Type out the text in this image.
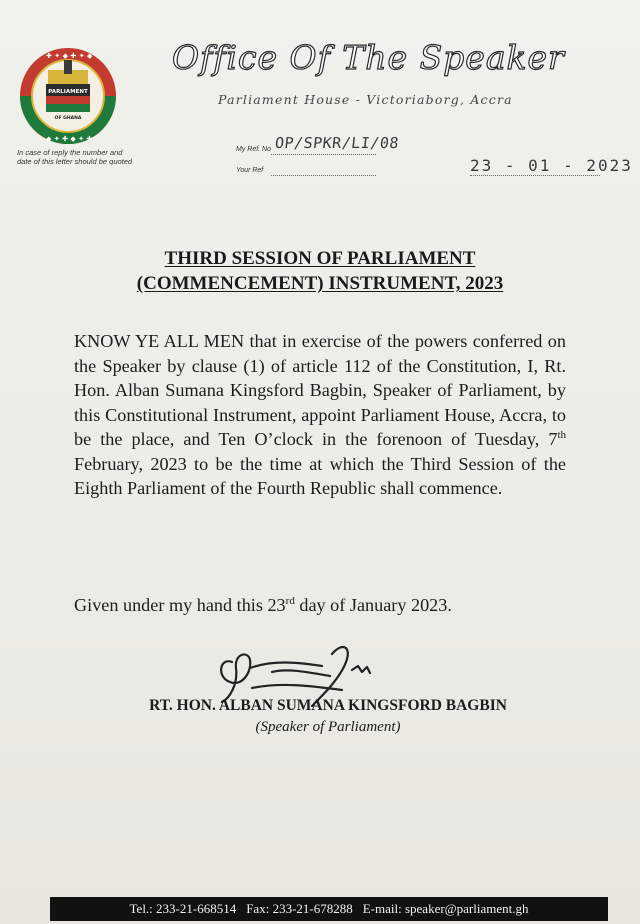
✚ ✦ ◆ ✚ ✦ ◆
◆ ✦ ✚ ◆ ✦ ✚
PARLIAMENT
OF GHANA
In case of reply the number and date of this letter should be quoted
Office Of The Speaker
Parliament House - Victoriaborg, Accra
My Ref. No OP/SPKR/LI/08
Your Ref	23 - 01 - 2023
THIRD SESSION OF PARLIAMENT
(COMMENCEMENT) INSTRUMENT, 2023
KNOW YE ALL MEN that in exercise of the powers conferred on the Speaker by clause (1) of article 112 of the Constitution, I, Rt. Hon. Alban Sumana Kingsford Bagbin, Speaker of Parliament, by this Constitutional Instrument, appoint Parliament House, Accra, to be the place, and Ten O’clock in the forenoon of Tuesday, 7th February, 2023 to be the time at which the Third Session of the Eighth Parliament of the Fourth Republic shall commence.
Given under my hand this 23rd day of January 2023.
RT. HON. ALBAN SUMANA KINGSFORD BAGBIN
(Speaker of Parliament)
Tel.: 233-21-668514 Fax: 233-21-678288 E-mail: speaker@parliament.gh
